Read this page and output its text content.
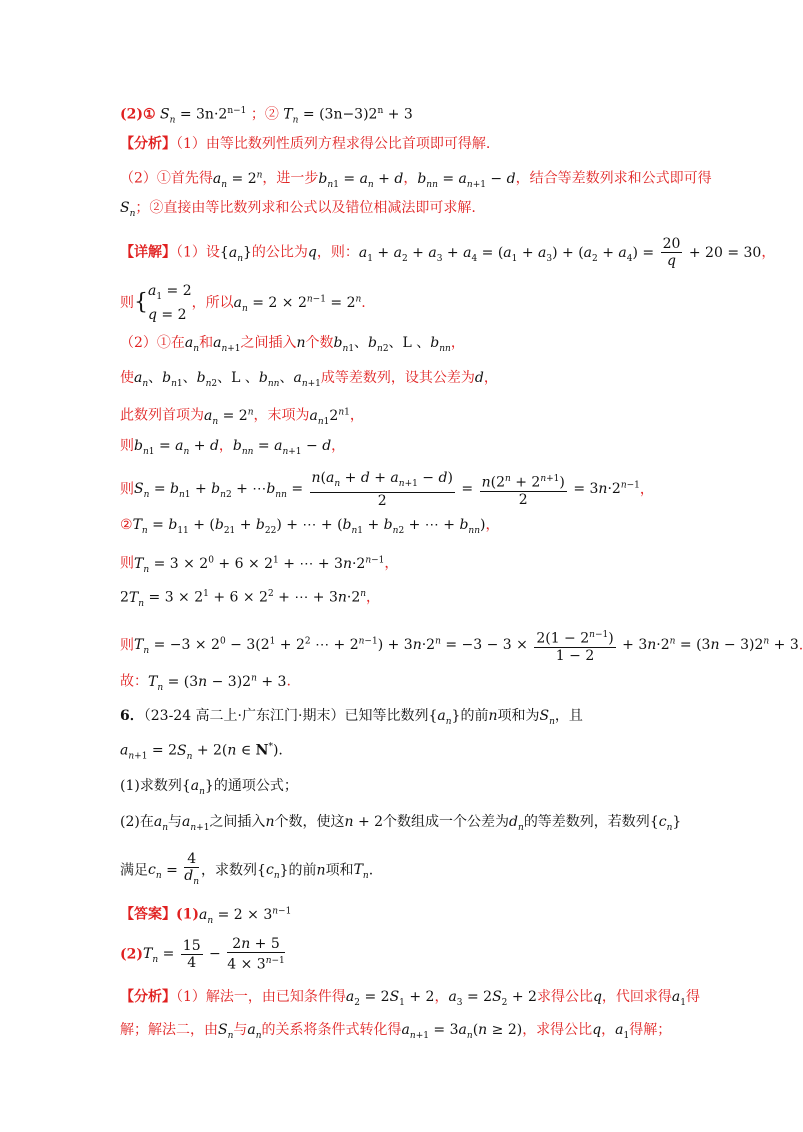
(2)① $S_n = 3n\cdot 2^{n-1}$ ；② $T_n = (3n-3)2^n + 3$
【分析】（1）由等比数列性质列方程求得公比首项即可得解.
（2）①首先得$a_n = 2^n$，进一步$b_{n1} = a_n + d$，$b_{nn} = a_{n+1} - d$，结合等差数列求和公式即可得
$S_n$；②直接由等比数列求和公式以及错位相减法即可求解.
【详解】（1）设$\{a_n\}$的公比为q，则：$a_1 + a_2 + a_3 + a_4 = (a_1 + a_3) + (a_2 + a_4) = \frac{20}{q} + 20 = 30$，
则{ $a_1 = 2$
q = 2
，所以$a_n = 2 \times 2^{n-1} = 2^n$.
（2）①在$a_n$和$a_{n+1}$之间插入n个数$b_{n1}$、$b_{n2}$、L 、$b_{nn}$，
使$a_n$、$b_{n1}$、$b_{n2}$、L 、$b_{nn}$、$a_{n+1}$成等差数列，设其公差为d，
此数列首项为$a_n = 2^n$，末项为$a_{n1}2^{n1}$，
则$b_{n1} = a_n + d$，$b_{nn} = a_{n+1} - d$，
则$S_n = b_{n1} + b_{n2}$ + $\cdots b_{nn} = \frac{n(a_n + d + a_{n+1} - d)}{2} = \frac{n(2^n + 2^{n+1})}{2} = 3n\cdot 2^{n-1}$，
$②T_n = b_{11} + (b_{21} + b_{22})$ + ⋯ + ($b_{n1} + b_{n2}$ + ⋯ + $b_{nn}$)，
则$T_n = 3 \times 2^0 + 6 \times 2^1$ + ⋯ + $3n\cdot 2^{n-1}$，
$2T_n = 3 \times 2^1 + 6 \times 2^2$ + ⋯ + $3n\cdot 2^n$，
则$T_n = -3 \times 2^0 - 3(2^1 + 2^2$ ⋯ + $2^{n-1}) + 3n\cdot 2^n = -3 - 3 \times \frac{2(1 - 2^{n-1})}{1 - 2} + 3n\cdot 2^n = (3n - 3)2^n + 3$.
故：$T_n = (3n - 3)2^n + 3$.
6．（23-24 高二上·广东江门·期末）已知等比数列$\{a_n\}$的前n项和为$S_n$，且
$a_{n+1} = 2S_n + 2(n$ ∈ N*).
(1)求数列$\{a_n\}$的通项公式；
(2)在$a_n$与$a_{n+1}$之间插入n个数，使这n + 2个数组成一个公差为$d_n$的等差数列，若数列$\{c_n\}$
满足$c_n = \frac{4}{d_n}$ ，求数列$\{c_n\}$的前n项和$T_n$.
【答案】$(1)a_n = 2 \times 3^{n-1}$
$(2)T_n = \frac{15}{4} - \frac{2n + 5}{4 \times 3^{n-1}}$
【分析】（1）解法一，由已知条件得$a_2 = 2S_1 + 2$，$a_3 = 2S_2 + 2$求得公比q，代回求得$a_1$得
解；解法二，由$S_n$与$a_n$的关系将条件式转化得$a_{n+1} = 3a_n(n \ge 2)$，求得公比q，$a_1$得解；
